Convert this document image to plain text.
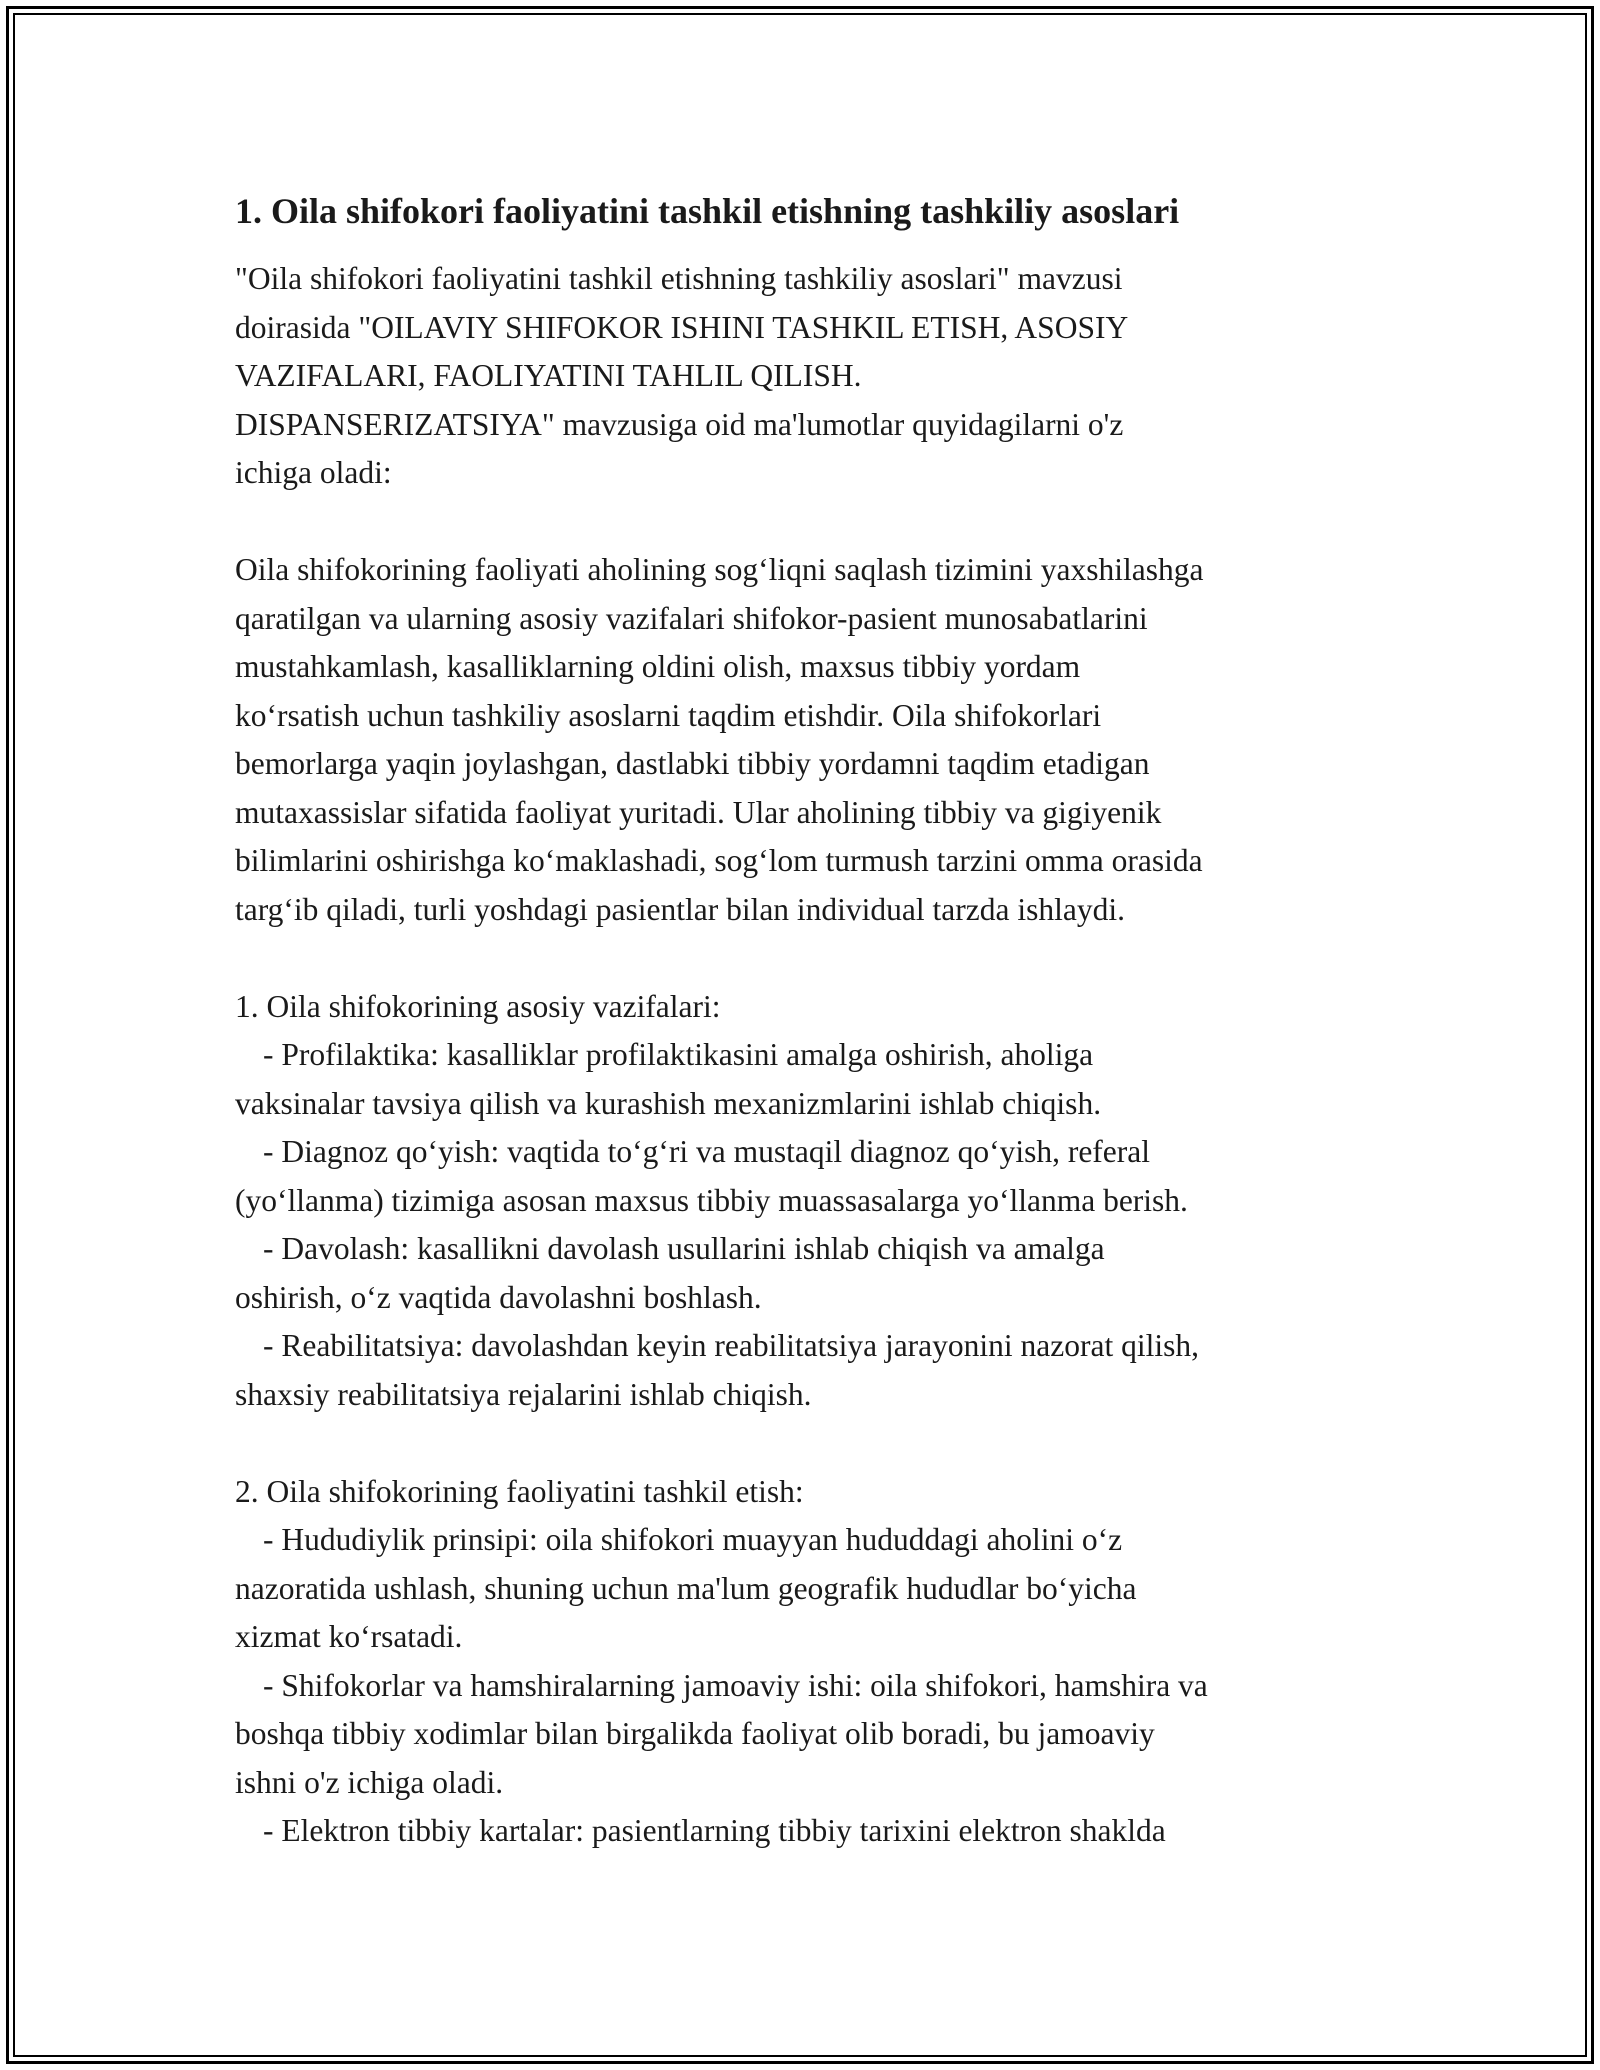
1. Oila shifokori faoliyatini tashkil etishning tashkiliy asoslari
"Oila shifokori faoliyatini tashkil etishning tashkiliy asoslari" mavzusi
doirasida "OILAVIY SHIFOKOR ISHINI TASHKIL ETISH, ASOSIY
VAZIFALARI, FAOLIYATINI TAHLIL QILISH.
DISPANSERIZATSIYA" mavzusiga oid ma'lumotlar quyidagilarni o'z
ichiga oladi:
Oila shifokorining faoliyati aholining sog‘liqni saqlash tizimini yaxshilashga
qaratilgan va ularning asosiy vazifalari shifokor-pasient munosabatlarini
mustahkamlash, kasalliklarning oldini olish, maxsus tibbiy yordam
ko‘rsatish uchun tashkiliy asoslarni taqdim etishdir. Oila shifokorlari
bemorlarga yaqin joylashgan, dastlabki tibbiy yordamni taqdim etadigan
mutaxassislar sifatida faoliyat yuritadi. Ular aholining tibbiy va gigiyenik
bilimlarini oshirishga ko‘maklashadi, sog‘lom turmush tarzini omma orasida
targ‘ib qiladi, turli yoshdagi pasientlar bilan individual tarzda ishlaydi.
1. Oila shifokorining asosiy vazifalari:
- Profilaktika: kasalliklar profilaktikasini amalga oshirish, aholiga
vaksinalar tavsiya qilish va kurashish mexanizmlarini ishlab chiqish.
- Diagnoz qo‘yish: vaqtida to‘g‘ri va mustaqil diagnoz qo‘yish, referal
(yo‘llanma) tizimiga asosan maxsus tibbiy muassasalarga yo‘llanma berish.
- Davolash: kasallikni davolash usullarini ishlab chiqish va amalga
oshirish, o‘z vaqtida davolashni boshlash.
- Reabilitatsiya: davolashdan keyin reabilitatsiya jarayonini nazorat qilish,
shaxsiy reabilitatsiya rejalarini ishlab chiqish.
2. Oila shifokorining faoliyatini tashkil etish:
- Hududiylik prinsipi: oila shifokori muayyan hududdagi aholini o‘z
nazoratida ushlash, shuning uchun ma'lum geografik hududlar bo‘yicha
xizmat ko‘rsatadi.
- Shifokorlar va hamshiralarning jamoaviy ishi: oila shifokori, hamshira va
boshqa tibbiy xodimlar bilan birgalikda faoliyat olib boradi, bu jamoaviy
ishni o'z ichiga oladi.
- Elektron tibbiy kartalar: pasientlarning tibbiy tarixini elektron shaklda
